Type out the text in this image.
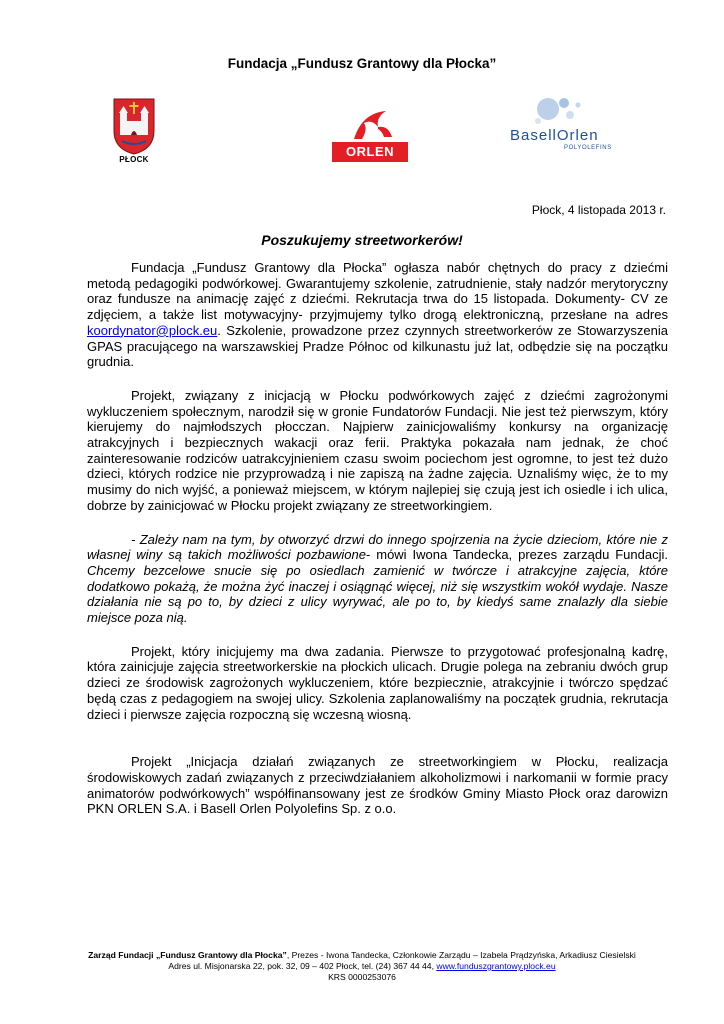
Fundacja „Fundusz Grantowy dla Płocka”
PŁOCK
ORLEN
BasellOrlen
POLYOLEFINS
Płock, 4 listopada 2013 r.
Poszukujemy streetworkerów!

Fundacja „Fundusz Grantowy dla Płocka” ogłasza nabór chętnych do pracy z dziećmi metodą pedagogiki podwórkowej. Gwarantujemy szkolenie, zatrudnienie, stały nadzór merytoryczny oraz fundusze na animację zajęć z dziećmi. Rekrutacja trwa do 15 listopada. Dokumenty- CV ze zdjęciem, a także list motywacyjny- przyjmujemy tylko drogą elektroniczną, przesłane na adres koordynator@plock.eu. Szkolenie, prowadzone przez czynnych streetworkerów ze Stowarzyszenia GPAS pracującego na warszawskiej Pradze Północ od kilkunastu już lat, odbędzie się na początku grudnia.

Projekt, związany z inicjacją w Płocku podwórkowych zajęć z dziećmi zagrożonymi wykluczeniem społecznym, narodził się w gronie Fundatorów Fundacji. Nie jest też pierwszym, który kierujemy do najmłodszych płocczan. Najpierw zainicjowaliśmy konkursy na organizację atrakcyjnych i bezpiecznych wakacji oraz ferii. Praktyka pokazała nam jednak, że choć zainteresowanie rodziców uatrakcyjnieniem czasu swoim pociechom jest ogromne, to jest też dużo dzieci, których rodzice nie przyprowadzą i nie zapiszą na żadne zajęcia. Uznaliśmy więc, że to my musimy do nich wyjść, a ponieważ miejscem, w którym najlepiej się czują jest ich osiedle i ich ulica, dobrze by zainicjować w Płocku projekt związany ze streetworkingiem.

- Zależy nam na tym, by otworzyć drzwi do innego spojrzenia na życie dzieciom, które nie z własnej winy są takich możliwości pozbawione- mówi Iwona Tandecka, prezes zarządu Fundacji. Chcemy bezcelowe snucie się po osiedlach zamienić w twórcze i atrakcyjne zajęcia, które dodatkowo pokażą, że można żyć inaczej i osiągnąć więcej, niż się wszystkim wokół wydaje. Nasze działania nie są po to, by dzieci z ulicy wyrywać, ale po to, by kiedyś same znalazły dla siebie miejsce poza nią.

Projekt, który inicjujemy ma dwa zadania. Pierwsze to przygotować profesjonalną kadrę, która zainicjuje zajęcia streetworkerskie na płockich ulicach. Drugie polega na zebraniu dwóch grup dzieci ze środowisk zagrożonych wykluczeniem, które bezpiecznie, atrakcyjnie i twórczo spędzać będą czas z pedagogiem na swojej ulicy. Szkolenia zaplanowaliśmy na początek grudnia, rekrutacja dzieci i pierwsze zajęcia rozpoczną się wczesną wiosną.

Projekt „Inicjacja działań związanych ze streetworkingiem w Płocku, realizacja środowiskowych zadań związanych z przeciwdziałaniem alkoholizmowi i narkomanii w formie pracy animatorów podwórkowych” współfinansowany jest ze środków Gminy Miasto Płock oraz darowizn PKN ORLEN S.A. i Basell Orlen Polyolefins Sp. z o.o.

Zarząd Fundacji „Fundusz Grantowy dla Płocka”, Prezes - Iwona Tandecka, Członkowie Zarządu – Izabela Prądzyńska, Arkadiusz Ciesielski
Adres ul. Misjonarska 22, pok. 32, 09 – 402 Płock, tel. (24) 367 44 44, www.funduszgrantowy.plock.eu
KRS 0000253076
